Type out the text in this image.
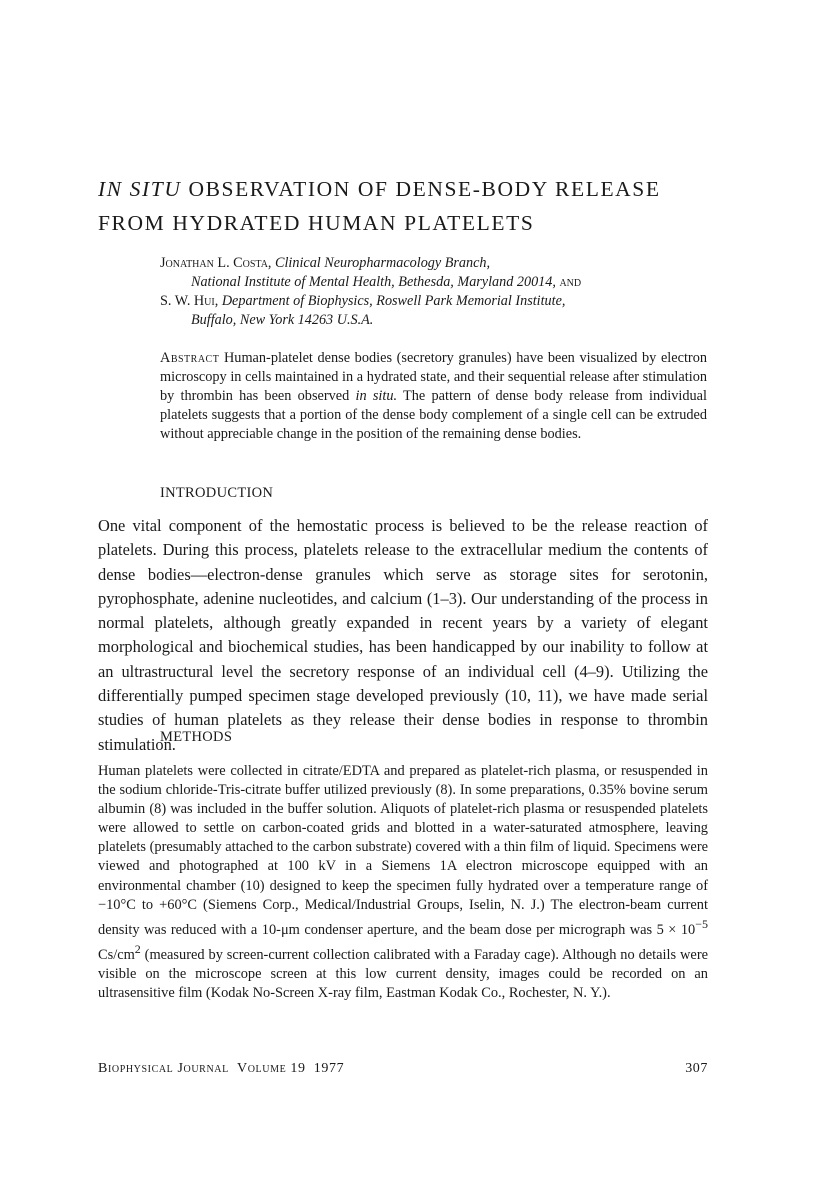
IN SITU OBSERVATION OF DENSE-BODY RELEASE
FROM HYDRATED HUMAN PLATELETS
Jonathan L. Costa, Clinical Neuropharmacology Branch,
National Institute of Mental Health, Bethesda, Maryland 20014, and
S. W. Hui, Department of Biophysics, Roswell Park Memorial Institute,
Buffalo, New York 14263 U.S.A.
Abstract Human-platelet dense bodies (secretory granules) have been visualized by electron microscopy in cells maintained in a hydrated state, and their sequential release after stimulation by thrombin has been observed in situ. The pattern of dense body release from individual platelets suggests that a portion of the dense body complement of a single cell can be extruded without appreciable change in the position of the remaining dense bodies.
INTRODUCTION
One vital component of the hemostatic process is believed to be the release reaction of platelets. During this process, platelets release to the extracellular medium the contents of dense bodies—electron-dense granules which serve as storage sites for serotonin, pyrophosphate, adenine nucleotides, and calcium (1–3). Our understanding of the process in normal platelets, although greatly expanded in recent years by a variety of elegant morphological and biochemical studies, has been handicapped by our inability to follow at an ultrastructural level the secretory response of an individual cell (4–9). Utilizing the differentially pumped specimen stage developed previously (10, 11), we have made serial studies of human platelets as they release their dense bodies in response to thrombin stimulation.
METHODS
Human platelets were collected in citrate/EDTA and prepared as platelet-rich plasma, or resuspended in the sodium chloride-Tris-citrate buffer utilized previously (8). In some preparations, 0.35% bovine serum albumin (8) was included in the buffer solution. Aliquots of platelet-rich plasma or resuspended platelets were allowed to settle on carbon-coated grids and blotted in a water-saturated atmosphere, leaving platelets (presumably attached to the carbon substrate) covered with a thin film of liquid. Specimens were viewed and photographed at 100 kV in a Siemens 1A electron microscope equipped with an environmental chamber (10) designed to keep the specimen fully hydrated over a temperature range of −10°C to +60°C (Siemens Corp., Medical/Industrial Groups, Iselin, N. J.) The electron-beam current density was reduced with a 10-μm condenser aperture, and the beam dose per micrograph was $5 \times 10^{-5}$ $Cs/cm^2$ (measured by screen-current collection calibrated with a Faraday cage). Although no details were visible on the microscope screen at this low current density, images could be recorded on an ultrasensitive film (Kodak No-Screen X-ray film, Eastman Kodak Co., Rochester, N. Y.).
Biophysical Journal Volume 19 1977	307
